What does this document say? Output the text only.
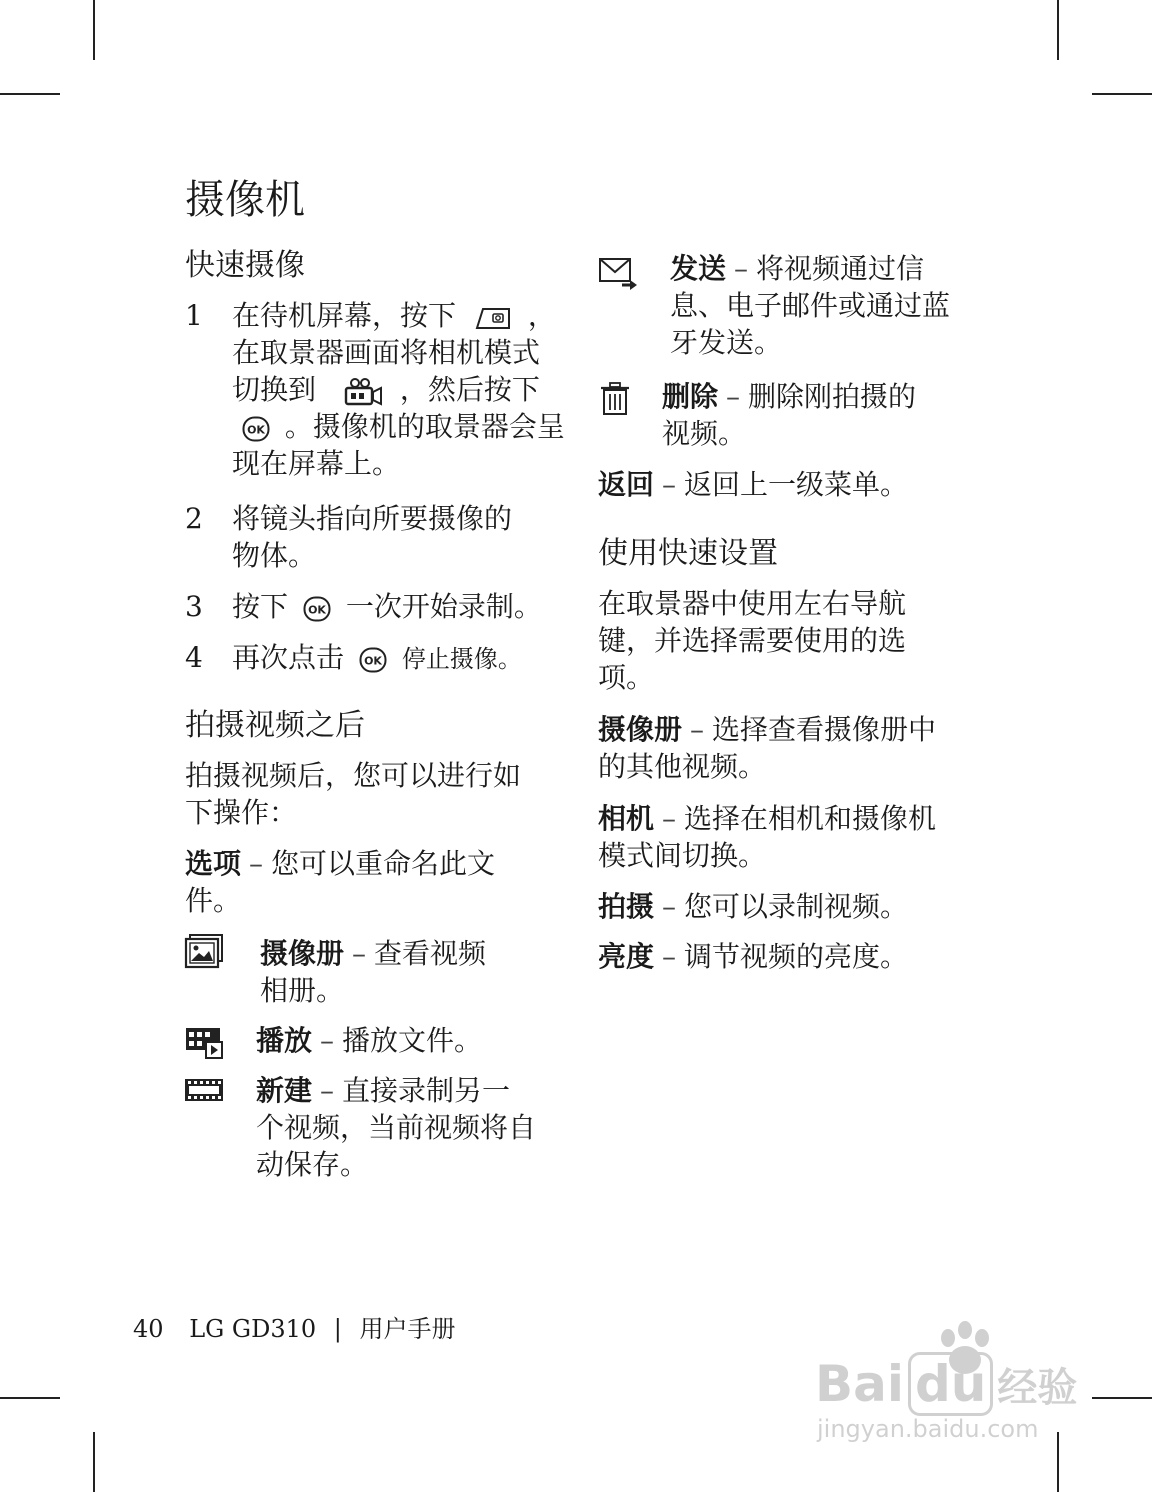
摄像机
快速摄像
1 在待机屏幕，按下	，
在取景器画面将相机模式
切换到	，然后按下
OK 。摄像机的取景器会呈
现在屏幕上。
2 将镜头指向所要摄像的
物体。
3 按下 OK 一次开始录制。
4 再次点击 OK 停止摄像。
拍摄视频之后
拍摄视频后，您可以进行如
下操作：
选项 – 您可以重命名此文
件。
摄像册 – 查看视频
相册。
播放 – 播放文件。
新建 – 直接录制另一
个视频，当前视频将自
动保存。
发送 – 将视频通过信
息、电子邮件或通过蓝
牙发送。
删除 – 删除刚拍摄的
视频。
返回 – 返回上一级菜单。
使用快速设置
在取景器中使用左右导航
键，并选择需要使用的选
项。
摄像册 – 选择查看摄像册中
的其他视频。
相机 – 选择在相机和摄像机
模式间切换。
拍摄 – 您可以录制视频。
亮度 – 调节视频的亮度。
40 LG GD310 | 用户手册
Bai du 经验
jingyan.baidu.com
